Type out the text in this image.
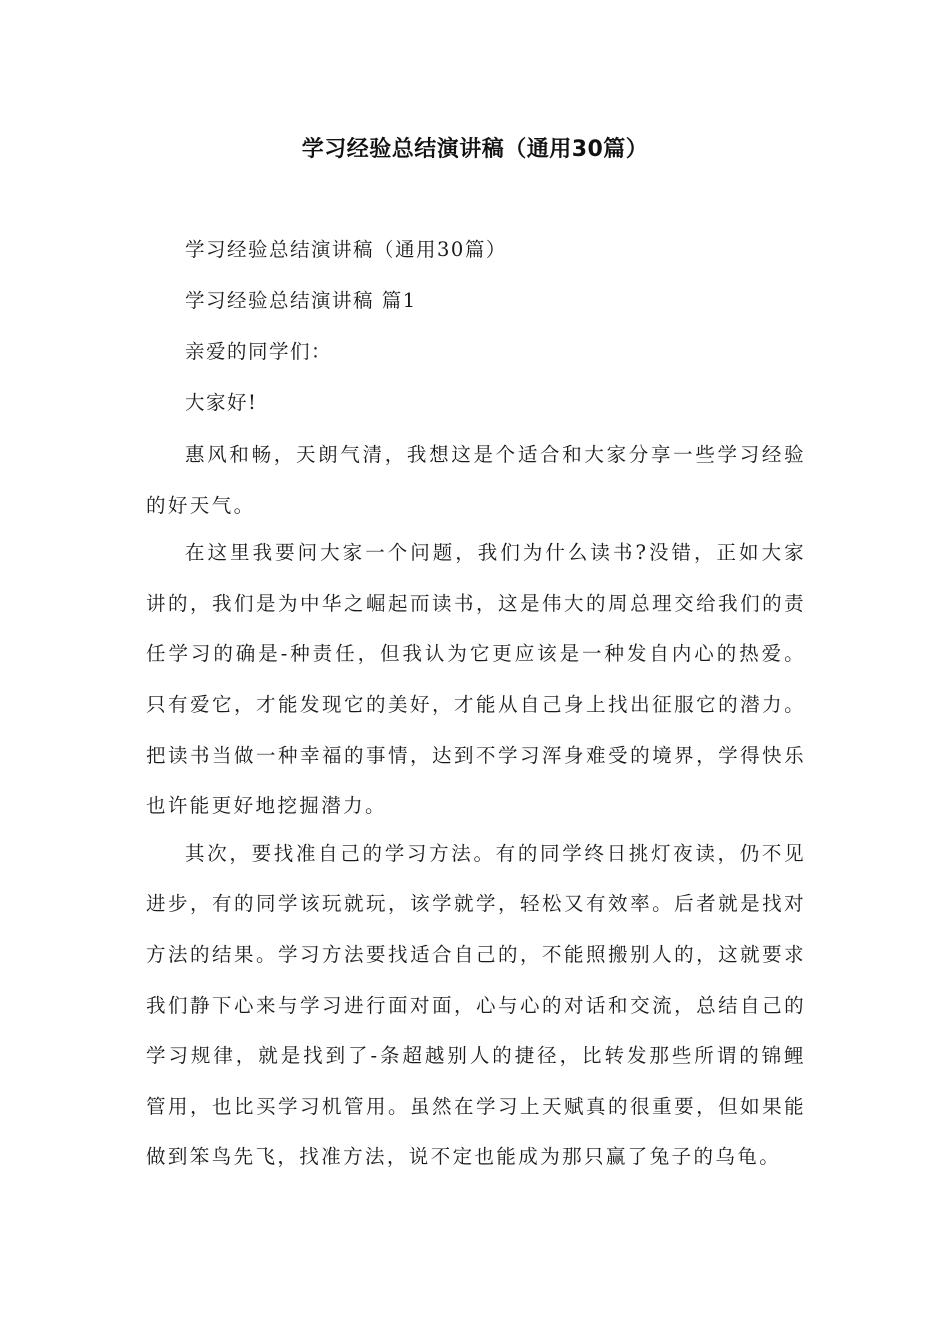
学习经验总结演讲稿（通用30篇）

学习经验总结演讲稿（通用30篇）

学习经验总结演讲稿 篇1

亲爱的同学们：

大家好!

惠风和畅，天朗气清，我想这是个适合和大家分享一些学习经验的好天气。

在这里我要问大家一个问题，我们为什么读书?没错，正如大家讲的，我们是为中华之崛起而读书，这是伟大的周总理交给我们的责任学习的确是-种责任，但我认为它更应该是一种发自内心的热爱。只有爱它，才能发现它的美好，才能从自己身上找出征服它的潜力。把读书当做一种幸福的事情，达到不学习浑身难受的境界，学得快乐也许能更好地挖掘潜力。

其次，要找准自己的学习方法。有的同学终日挑灯夜读，仍不见进步，有的同学该玩就玩，该学就学，轻松又有效率。后者就是找对方法的结果。学习方法要找适合自己的，不能照搬别人的，这就要求我们静下心来与学习进行面对面，心与心的对话和交流，总结自己的学习规律，就是找到了-条超越别人的捷径，比转发那些所谓的锦鲤管用，也比买学习机管用。虽然在学习上天赋真的很重要，但如果能做到笨鸟先飞，找准方法，说不定也能成为那只赢了兔子的乌龟。
